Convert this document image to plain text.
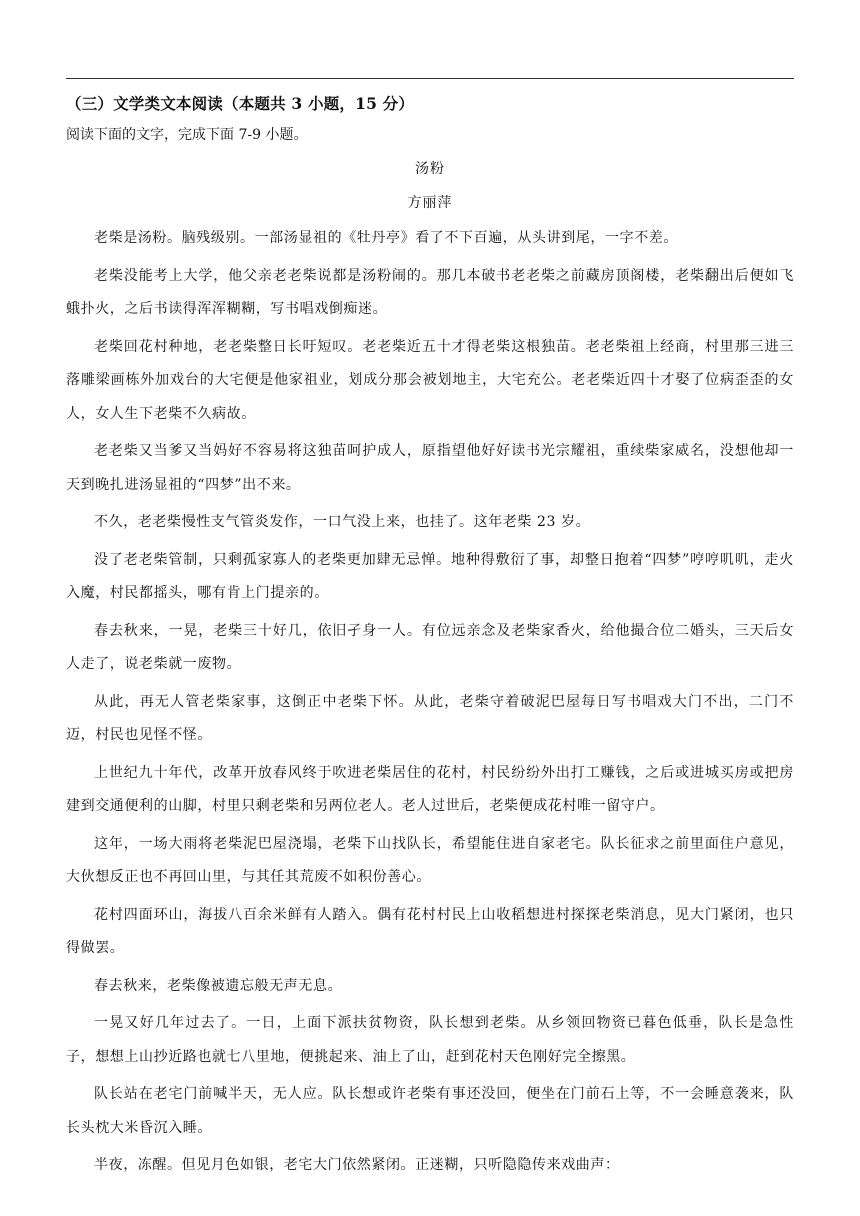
（三）文学类文本阅读（本题共 3 小题，15 分）
阅读下面的文字，完成下面 7-9 小题。
汤粉
方丽萍

老柴是汤粉。脑残级别。一部汤显祖的《牡丹亭》看了不下百遍，从头讲到尾，一字不差。

老柴没能考上大学，他父亲老老柴说都是汤粉闹的。那几本破书老老柴之前藏房顶阁楼，老柴翻出后便如飞蛾扑火，之后书读得浑浑糊糊，写书唱戏倒痴迷。

老柴回花村种地，老老柴整日长吁短叹。老老柴近五十才得老柴这根独苗。老老柴祖上经商，村里那三进三落雕梁画栋外加戏台的大宅便是他家祖业，划成分那会被划地主，大宅充公。老老柴近四十才娶了位病歪歪的女人，女人生下老柴不久病故。

老老柴又当爹又当妈好不容易将这独苗呵护成人，原指望他好好读书光宗耀祖，重续柴家威名，没想他却一天到晚扎进汤显祖的“四梦”出不来。

不久，老老柴慢性支气管炎发作，一口气没上来，也挂了。这年老柴 23 岁。

没了老老柴管制，只剩孤家寡人的老柴更加肆无忌惮。地种得敷衍了事，却整日抱着“四梦”哼哼叽叽，走火入魔，村民都摇头，哪有肯上门提亲的。

春去秋来，一晃，老柴三十好几，依旧孑身一人。有位远亲念及老柴家香火，给他撮合位二婚头，三天后女人走了，说老柴就一废物。

从此，再无人管老柴家事，这倒正中老柴下怀。从此，老柴守着破泥巴屋每日写书唱戏大门不出，二门不迈，村民也见怪不怪。

上世纪九十年代，改革开放春风终于吹进老柴居住的花村，村民纷纷外出打工赚钱，之后或进城买房或把房建到交通便利的山脚，村里只剩老柴和另两位老人。老人过世后，老柴便成花村唯一留守户。

这年，一场大雨将老柴泥巴屋浇塌，老柴下山找队长，希望能住进自家老宅。队长征求之前里面住户意见，大伙想反正也不再回山里，与其任其荒废不如积份善心。

花村四面环山，海拔八百余米鲜有人踏入。偶有花村村民上山收稻想进村探探老柴消息，见大门紧闭，也只得做罢。

春去秋来，老柴像被遗忘般无声无息。

一晃又好几年过去了。一日，上面下派扶贫物资，队长想到老柴。从乡领回物资已暮色低垂，队长是急性子，想想上山抄近路也就七八里地，便挑起来、油上了山，赶到花村天色刚好完全擦黑。

队长站在老宅门前喊半天，无人应。队长想或许老柴有事还没回，便坐在门前石上等，不一会睡意袭来，队长头枕大米昏沉入睡。

半夜，冻醒。但见月色如银，老宅大门依然紧闭。正迷糊，只听隐隐传来戏曲声：
